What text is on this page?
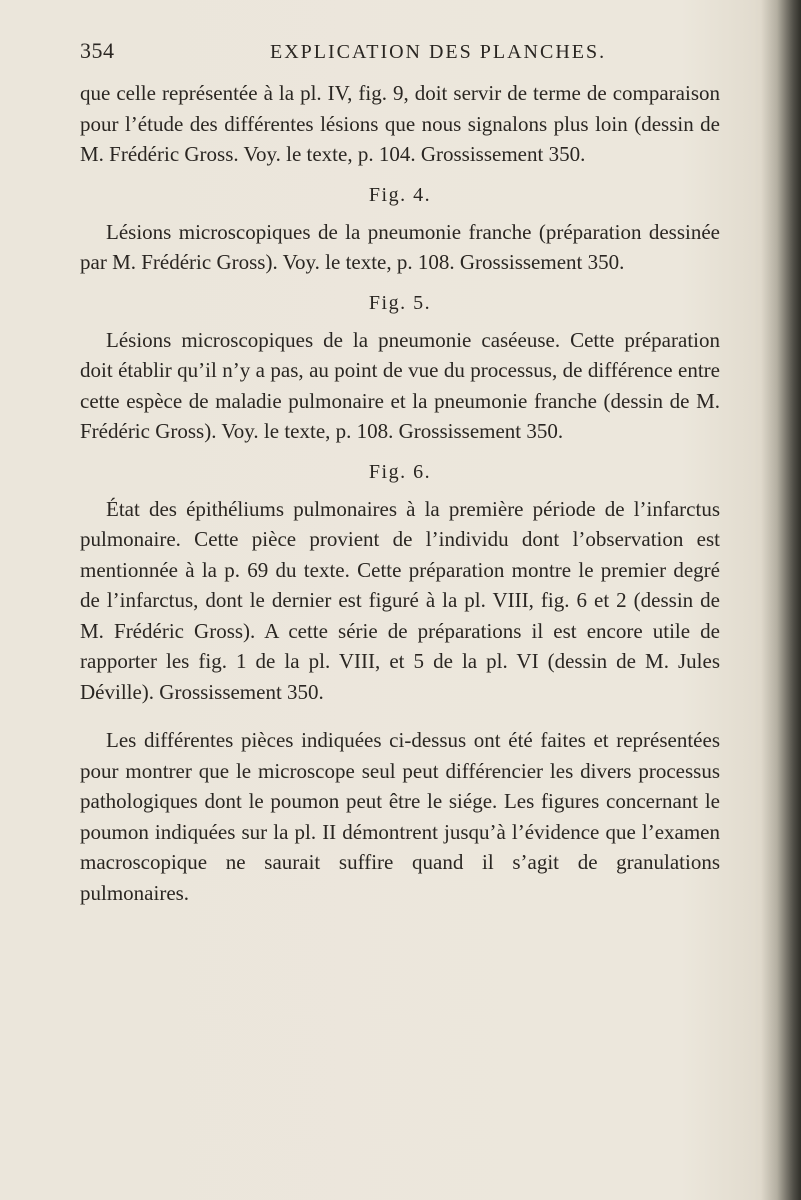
354	EXPLICATION DES PLANCHES.

que celle représentée à la pl. IV, fig. 9, doit servir de terme de comparaison pour l’étude des différentes lésions que nous signalons plus loin (dessin de M. Frédéric Gross. Voy. le texte, p. 104. Grossissement 350.

Fig. 4.

Lésions microscopiques de la pneumonie franche (préparation dessinée par M. Frédéric Gross). Voy. le texte, p. 108. Grossissement 350.

Fig. 5.

Lésions microscopiques de la pneumonie caséeuse. Cette préparation doit établir qu’il n’y a pas, au point de vue du processus, de différence entre cette espèce de maladie pulmonaire et la pneumonie franche (dessin de M. Frédéric Gross). Voy. le texte, p. 108. Grossissement 350.

Fig. 6.

État des épithéliums pulmonaires à la première période de l’infarctus pulmonaire. Cette pièce provient de l’individu dont l’observation est mentionnée à la p. 69 du texte. Cette préparation montre le premier degré de l’infarctus, dont le dernier est figuré à la pl. VIII, fig. 6 et 2 (dessin de M. Frédéric Gross). A cette série de préparations il est encore utile de rapporter les fig. 1 de la pl. VIII, et 5 de la pl. VI (dessin de M. Jules Déville). Grossissement 350.

Les différentes pièces indiquées ci-dessus ont été faites et représentées pour montrer que le microscope seul peut différencier les divers processus pathologiques dont le poumon peut être le siége. Les figures concernant le poumon indiquées sur la pl. II démontrent jusqu’à l’évidence que l’examen macroscopique ne saurait suffire quand il s’agit de granulations pulmonaires.
